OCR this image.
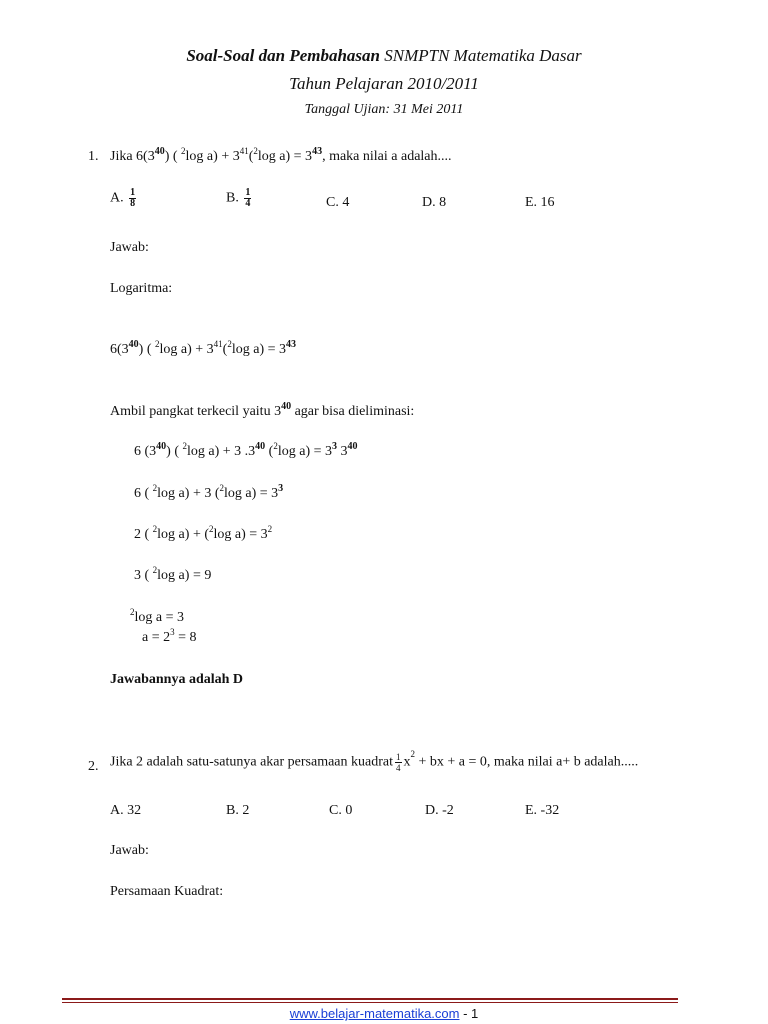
Soal-Soal dan Pembahasan SNMPTN Matematika Dasar
Tahun Pelajaran 2010/2011
Tanggal Ujian: 31 Mei 2011
1. Jika $6(3^{40})$ ( $^2$log $a) + 3^{41}(^2\log$ $a) = 3^{43}$, maka nilai a adalah....
A. $\frac{1}{8}$	B. $\frac{1}{4}$	C. 4	D. 8	E. 16
Jawab:
Logaritma:
$6(3^{40})$ ( $^2$log $a) + 3^{41}(^2\log$ $a) = 3^{43}$
Ambil pangkat terkecil yaitu $3^{40}$ agar bisa dieliminasi:
6 $(3^{40})$ ( $^2$log a) + 3 $.3^{40}$ ($^2$log $a) = 3^3$ $3^{40}$
6 ( $^2$log a) + 3 ($^2$log $a) = 3^3$
2 ( $^2$log a) + ($^2$log $a) = 3^2$
3 ( $^2$log a) = 9
$^2$log a = 3
$a = 2^3 = 8$
Jawabannya adalah D
2. Jika 2 adalah satu-satunya akar persamaan kuadrat $\frac{1}{4} x^2$ + bx + a = 0, maka nilai a+ b adalah.....
A. 32	B. 2	C. 0	D. -2	E. -32
Jawab:
Persamaan Kuadrat:
www.belajar-matematika.com - 1
